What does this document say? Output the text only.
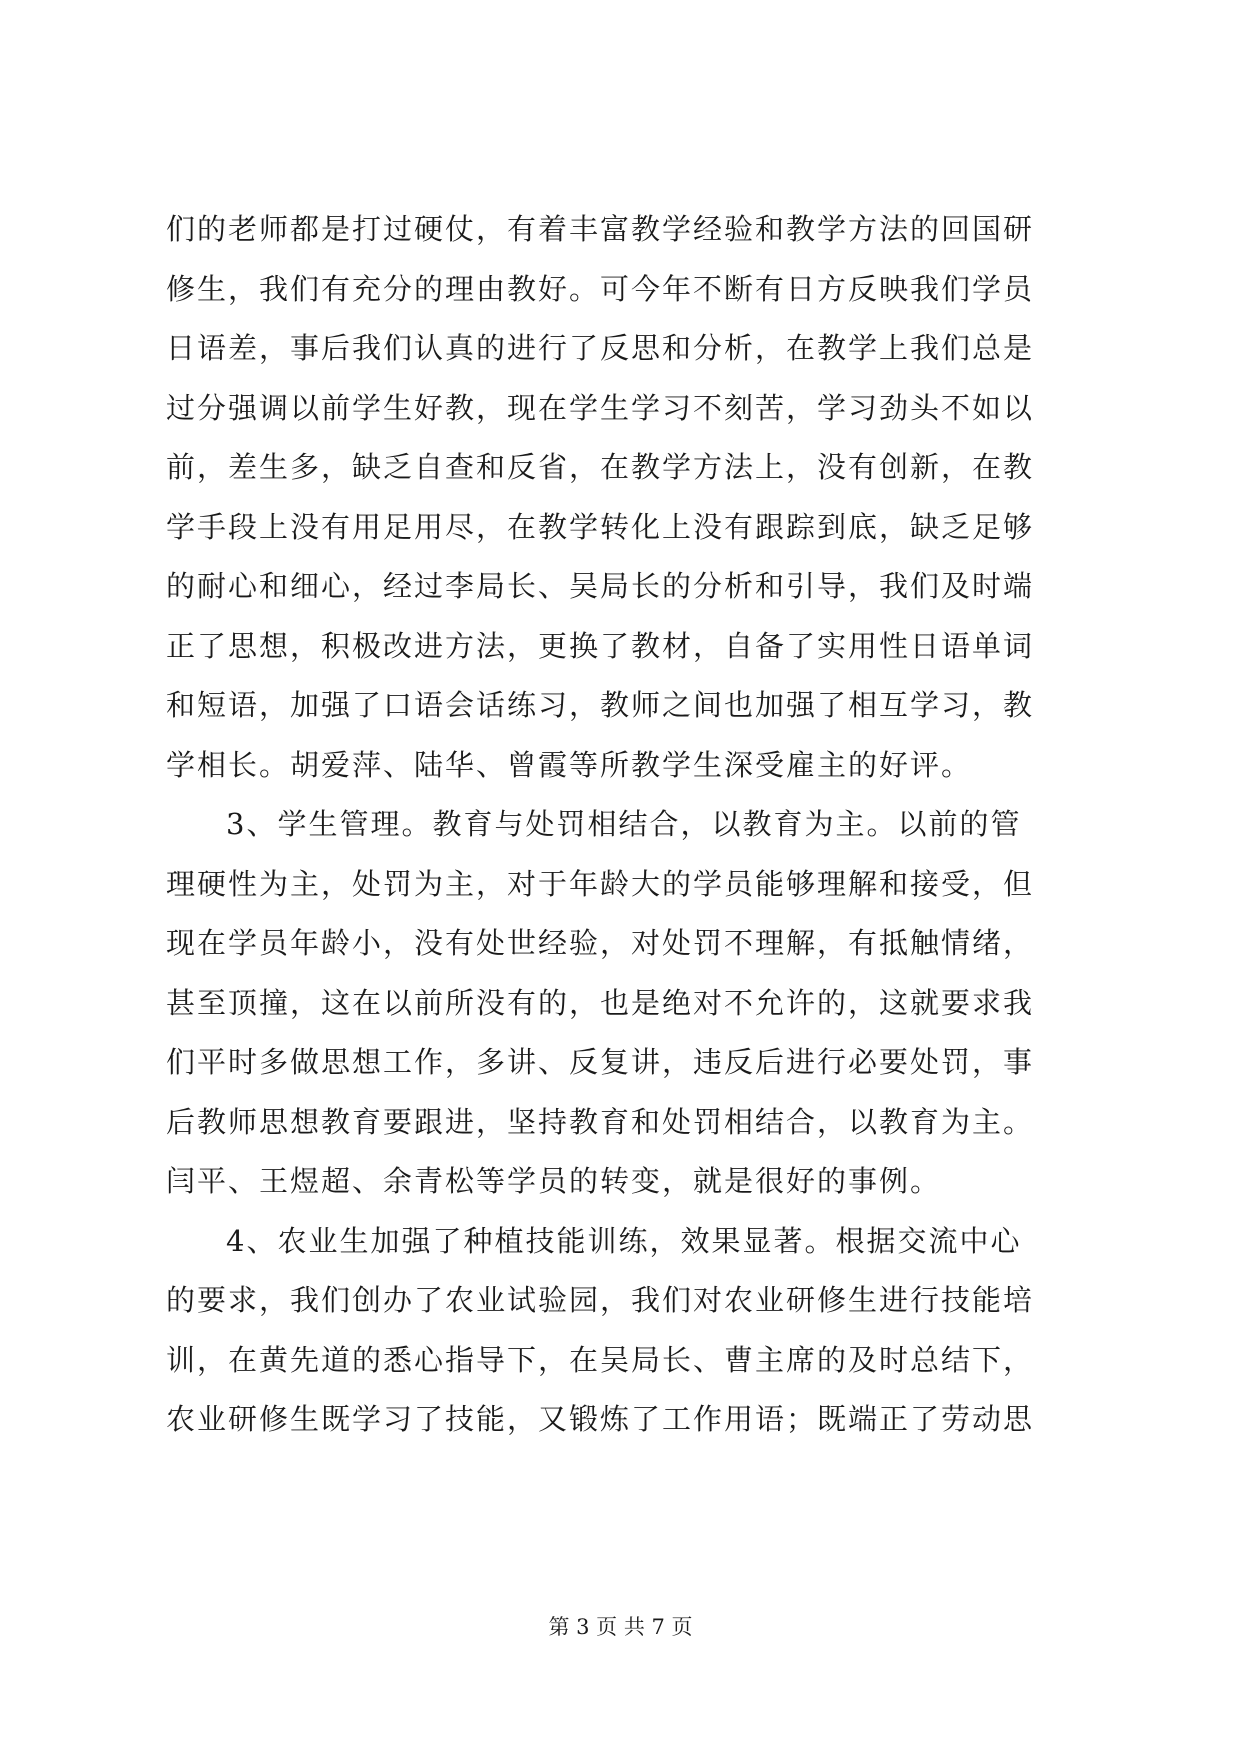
们的老师都是打过硬仗，有着丰富教学经验和教学方法的回国研
修生，我们有充分的理由教好。可今年不断有日方反映我们学员
日语差，事后我们认真的进行了反思和分析，在教学上我们总是
过分强调以前学生好教，现在学生学习不刻苦，学习劲头不如以
前，差生多，缺乏自查和反省，在教学方法上，没有创新，在教
学手段上没有用足用尽，在教学转化上没有跟踪到底，缺乏足够
的耐心和细心，经过李局长、吴局长的分析和引导，我们及时端
正了思想，积极改进方法，更换了教材，自备了实用性日语单词
和短语，加强了口语会话练习，教师之间也加强了相互学习，教
学相长。胡爱萍、陆华、曾霞等所教学生深受雇主的好评。
3、学生管理。教育与处罚相结合，以教育为主。以前的管
理硬性为主，处罚为主，对于年龄大的学员能够理解和接受，但
现在学员年龄小，没有处世经验，对处罚不理解，有抵触情绪，
甚至顶撞，这在以前所没有的，也是绝对不允许的，这就要求我
们平时多做思想工作，多讲、反复讲，违反后进行必要处罚，事
后教师思想教育要跟进，坚持教育和处罚相结合，以教育为主。
闫平、王煜超、余青松等学员的转变，就是很好的事例。
4、农业生加强了种植技能训练，效果显著。根据交流中心
的要求，我们创办了农业试验园，我们对农业研修生进行技能培
训，在黄先道的悉心指导下，在吴局长、曹主席的及时总结下，
农业研修生既学习了技能，又锻炼了工作用语；既端正了劳动思
第 3 页 共 7 页
